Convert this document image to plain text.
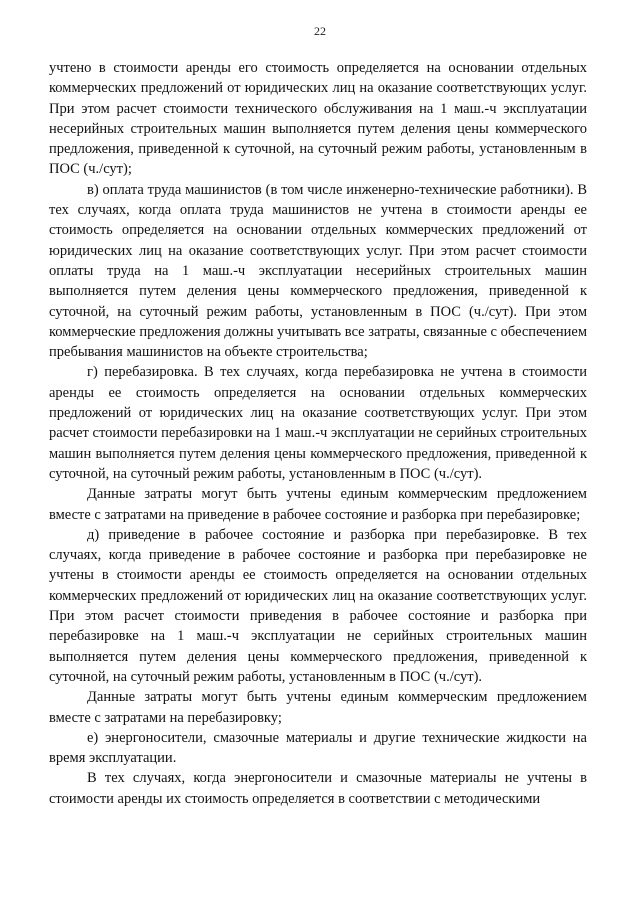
22

учтено в стоимости аренды его стоимость определяется на основании отдельных коммерческих предложений от юридических лиц на оказание соответствующих услуг. При этом расчет стоимости технического обслуживания на 1 маш.-ч эксплуатации несерийных строительных машин выполняется путем деления цены коммерческого предложения, приведенной к суточной, на суточный режим работы, установленным в ПОС (ч./сут);

в) оплата труда машинистов (в том числе инженерно-технические работники). В тех случаях, когда оплата труда машинистов не учтена в стоимости аренды ее стоимость определяется на основании отдельных коммерческих предложений от юридических лиц на оказание соответствующих услуг. При этом расчет стоимости оплаты труда на 1 маш.-ч эксплуатации несерийных строительных машин выполняется путем деления цены коммерческого предложения, приведенной к суточной, на суточный режим работы, установленным в ПОС (ч./сут). При этом коммерческие предложения должны учитывать все затраты, связанные с обеспечением пребывания машинистов на объекте строительства;

г) перебазировка. В тех случаях, когда перебазировка не учтена в стоимости аренды ее стоимость определяется на основании отдельных коммерческих предложений от юридических лиц на оказание соответствующих услуг. При этом расчет стоимости перебазировки на 1 маш.-ч эксплуатации не серийных строительных машин выполняется путем деления цены коммерческого предложения, приведенной к суточной, на суточный режим работы, установленным в ПОС (ч./сут).

Данные затраты могут быть учтены единым коммерческим предложением вместе с затратами на приведение в рабочее состояние и разборка при перебазировке;

д) приведение в рабочее состояние и разборка при перебазировке. В тех случаях, когда приведение в рабочее состояние и разборка при перебазировке не учтены в стоимости аренды ее стоимость определяется на основании отдельных коммерческих предложений от юридических лиц на оказание соответствующих услуг. При этом расчет стоимости приведения в рабочее состояние и разборка при перебазировке на 1 маш.-ч эксплуатации не серийных строительных машин выполняется путем деления цены коммерческого предложения, приведенной к суточной, на суточный режим работы, установленным в ПОС (ч./сут).

Данные затраты могут быть учтены единым коммерческим предложением вместе с затратами на перебазировку;

е) энергоносители, смазочные материалы и другие технические жидкости на время эксплуатации.

В тех случаях, когда энергоносители и смазочные материалы не учтены в стоимости аренды их стоимость определяется в соответствии с методическими
